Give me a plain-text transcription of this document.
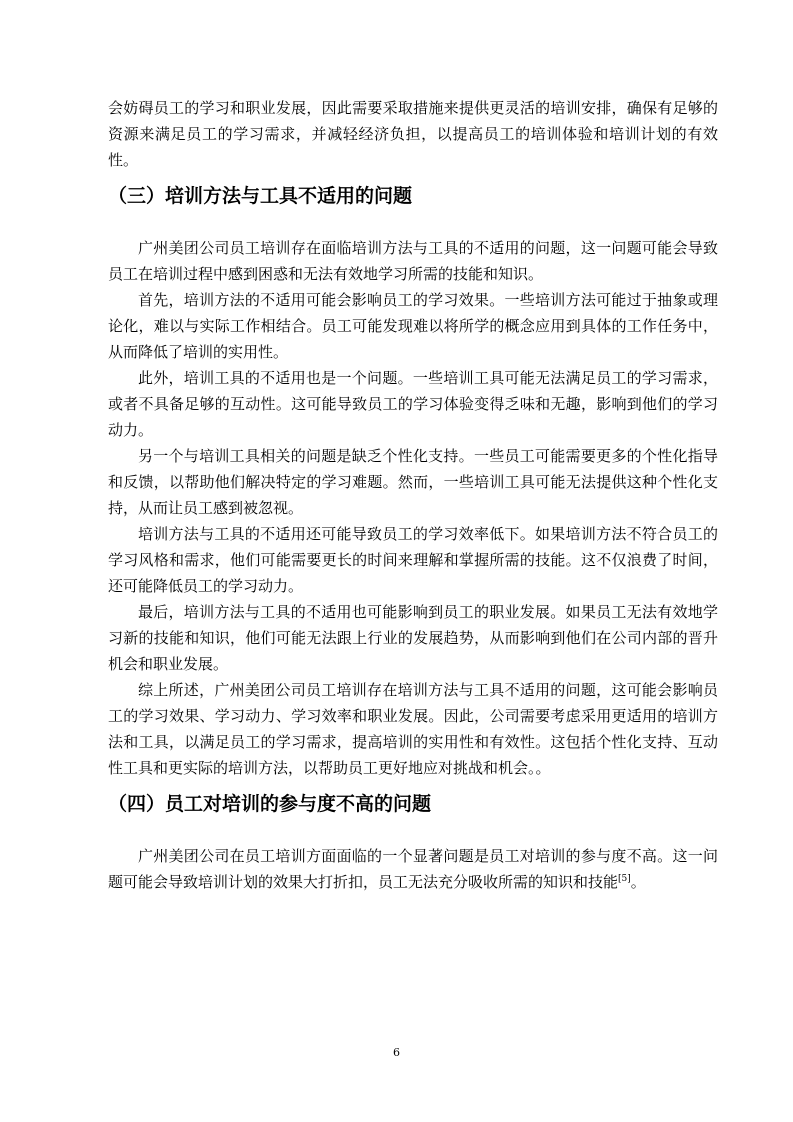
会妨碍员工的学习和职业发展，因此需要采取措施来提供更灵活的培训安排，确保有足够的资源来满足员工的学习需求，并减轻经济负担，以提高员工的培训体验和培训计划的有效性。

（三）培训方法与工具不适用的问题

广州美团公司员工培训存在面临培训方法与工具的不适用的问题，这一问题可能会导致员工在培训过程中感到困惑和无法有效地学习所需的技能和知识。

首先，培训方法的不适用可能会影响员工的学习效果。一些培训方法可能过于抽象或理论化，难以与实际工作相结合。员工可能发现难以将所学的概念应用到具体的工作任务中，从而降低了培训的实用性。

此外，培训工具的不适用也是一个问题。一些培训工具可能无法满足员工的学习需求，或者不具备足够的互动性。这可能导致员工的学习体验变得乏味和无趣，影响到他们的学习动力。

另一个与培训工具相关的问题是缺乏个性化支持。一些员工可能需要更多的个性化指导和反馈，以帮助他们解决特定的学习难题。然而，一些培训工具可能无法提供这种个性化支持，从而让员工感到被忽视。

培训方法与工具的不适用还可能导致员工的学习效率低下。如果培训方法不符合员工的学习风格和需求，他们可能需要更长的时间来理解和掌握所需的技能。这不仅浪费了时间，还可能降低员工的学习动力。

最后，培训方法与工具的不适用也可能影响到员工的职业发展。如果员工无法有效地学习新的技能和知识，他们可能无法跟上行业的发展趋势，从而影响到他们在公司内部的晋升机会和职业发展。

综上所述，广州美团公司员工培训存在培训方法与工具不适用的问题，这可能会影响员工的学习效果、学习动力、学习效率和职业发展。因此，公司需要考虑采用更适用的培训方法和工具，以满足员工的学习需求，提高培训的实用性和有效性。这包括个性化支持、互动性工具和更实际的培训方法，以帮助员工更好地应对挑战和机会。。

（四）员工对培训的参与度不高的问题

广州美团公司在员工培训方面面临的一个显著问题是员工对培训的参与度不高。这一问题可能会导致培训计划的效果大打折扣，员工无法充分吸收所需的知识和技能[5]。

6
